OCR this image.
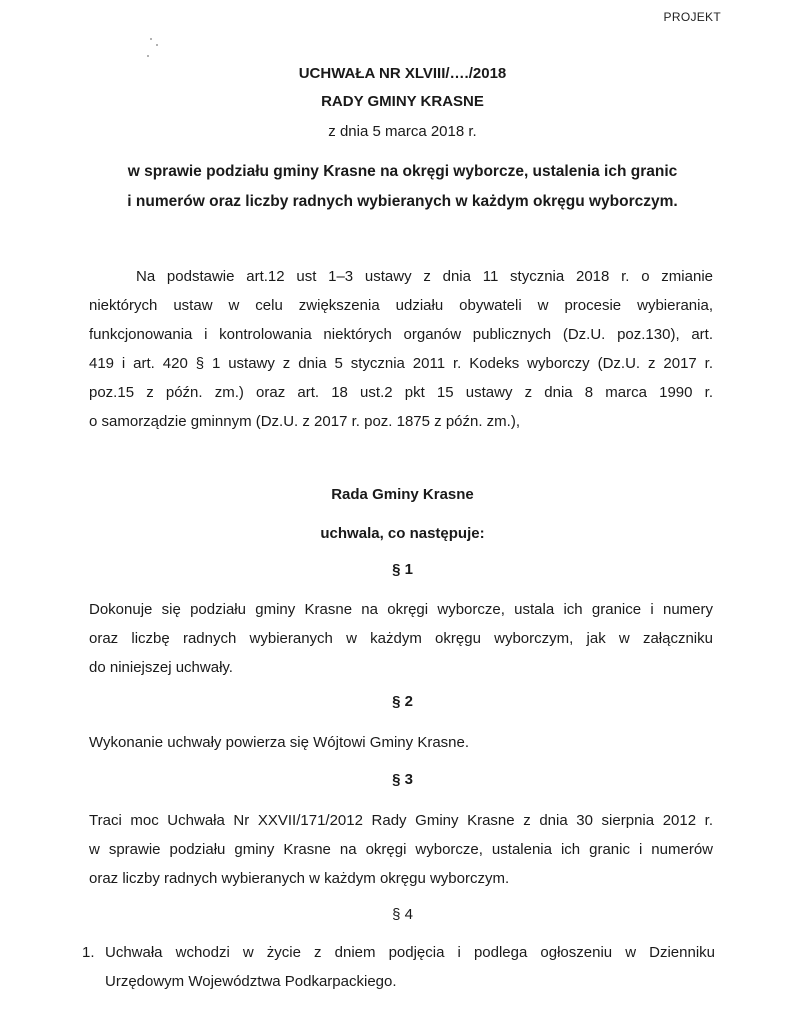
PROJEKT
UCHWAŁA NR XLVIII/…./2018
RADY GMINY KRASNE
z dnia 5 marca 2018 r.
w sprawie podziału gminy Krasne na okręgi wyborcze, ustalenia ich granic
i numerów oraz liczby radnych wybieranych w każdym okręgu wyborczym.
Na podstawie art.12 ust 1–3 ustawy z dnia 11 stycznia 2018 r. o zmianie
niektórych ustaw w celu zwiększenia udziału obywateli w procesie wybierania,
funkcjonowania i kontrolowania niektórych organów publicznych (Dz.U. poz.130), art.
419 i art. 420 § 1 ustawy z dnia 5 stycznia 2011 r. Kodeks wyborczy (Dz.U. z 2017 r.
poz.15 z późn. zm.) oraz art. 18 ust.2 pkt 15 ustawy z dnia 8 marca 1990 r.
o samorządzie gminnym (Dz.U. z 2017 r. poz. 1875 z późn. zm.),
Rada Gminy Krasne
uchwala, co następuje:
§ 1
Dokonuje się podziału gminy Krasne na okręgi wyborcze, ustala ich granice i numery
oraz liczbę radnych wybieranych w każdym okręgu wyborczym, jak w załączniku
do niniejszej uchwały.
§ 2
Wykonanie uchwały powierza się Wójtowi Gminy Krasne.
§ 3
Traci moc Uchwała Nr XXVII/171/2012 Rady Gminy Krasne z dnia 30 sierpnia 2012 r.
w sprawie podziału gminy Krasne na okręgi wyborcze, ustalenia ich granic i numerów
oraz liczby radnych wybieranych w każdym okręgu wyborczym.
§ 4
1. Uchwała wchodzi w życie z dniem podjęcia i podlega ogłoszeniu w Dzienniku
Urzędowym Województwa Podkarpackiego.
